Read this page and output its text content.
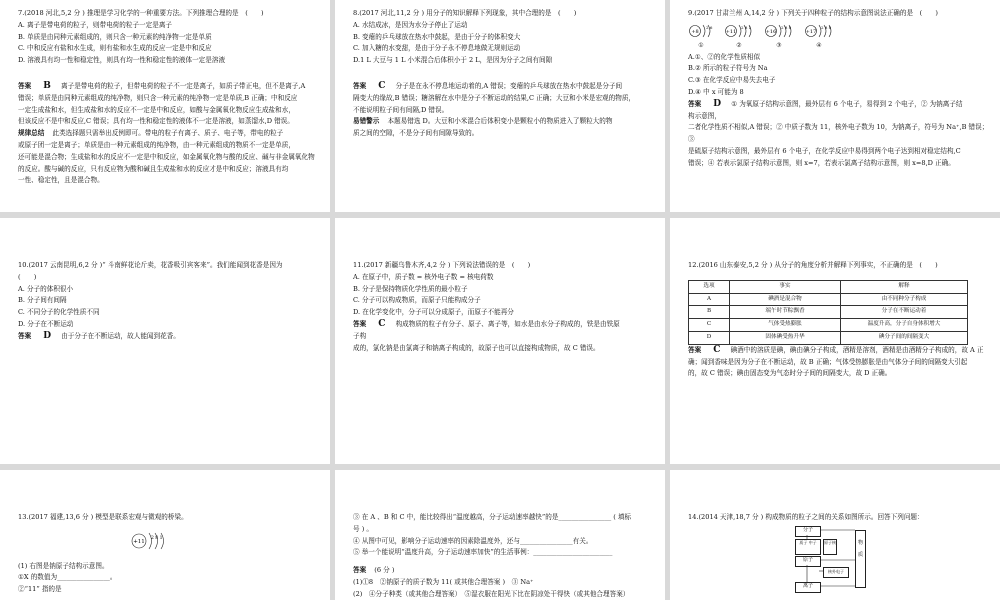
7.(2018 河北,5,2 分 ) 推理是学习化学的一种重要方法。下列推理合理的是　(　　)

A. 离子是带电荷的粒子，则带电荷的粒子一定是离子

B. 单质是由同种元素组成的，则只含一种元素的纯净物一定是单质

C. 中和反应有盐和水生成，则有盐和水生成的反应一定是中和反应

D. 溶液具有均一性和稳定性，则具有均一性和稳定性的液体一定是溶液

答案 B 离子是带电荷的粒子，但带电荷的粒子不一定是离子，如质子带正电，但不是离子,A

错误；单质是由同种元素组成的纯净物，则只含一种元素的纯净物一定是单质,B 正确；中和反应

一定生成盐和水，但生成盐和水的反应不一定是中和反应，如酸与金属氧化物反应生成盐和水，

但该反应不是中和反应,C 错误；具有均一性和稳定性的液体不一定是溶液，如蒸馏水,D 错误。

规律总结 此类选择题只需举出反例即可。带电的粒子有离子、质子、电子等，带电的粒子

或原子团一定是离子；单质是由一种元素组成的纯净物，由一种元素组成的物质不一定是单质，

还可能是混合物；生成盐和水的反应不一定是中和反应，如金属氧化物与酸的反应、碱与非金属氧化物

的反应。酸与碱的反应，只有反应物为酸和碱且生成盐和水的反应才是中和反应；溶液具有均

一性、稳定性，且是混合物。

8.(2017 河北,11,2 分 ) 用分子的知识解释下列现象，其中合理的是　(　　)

A. 水结成冰，是因为水分子停止了运动

B. 变瘪的乒乓球放在热水中鼓起，是由于分子的体积变大

C. 加入糖的水变甜，是由于分子永不停息地做无规则运动

D.1 L 大豆与 1 L 小米混合后体积小于 2 L，是因为分子之间有间隙

答案 C 分子是在永不停息地运动着的,A 错误；变瘪的乒乓球放在热水中鼓起是分子间

隔变大的缘故,B 错误；糖溶解在水中是分子不断运动的结果,C 正确；大豆和小米是宏观的物质，

不能说明粒子间有间隔,D 错误。

易错警示 本题易错选 D。大豆和小米混合后体积变小是颗粒小的物质进入了颗粒大的物

质之间的空隙，不是分子间有间隙导致的。

9.(2017 甘肃兰州 A,14,2 分 ) 下列关于四种粒子的结构示意图说法正确的是　(　　)

+8
2 6
①
+11
2 8 1
②
+16
2 8 8
③
+17
2 8 8
④

A.①、②的化学性质相似

B.② 所示的粒子符号为 Na

C.③ 在化学反应中易失去电子

D.④ 中 x 可能为 8

答案 D ① 为氧原子结构示意图，最外层有 6 个电子，易得到 2 个电子，② 为钠离子结

构示意图，

二者化学性质不相似,A 错误；② 中质子数为 11，核外电子数为 10，为钠离子，符号为 Na⁺,B 错误；③

是硫原子结构示意图，最外层有 6 个电子，在化学反应中易得到两个电子达到相对稳定结构,C

错误；④ 若表示氯原子结构示意图，则 x=7，若表示氯离子结构示意图，则 x=8,D 正确。

10.(2017 云南昆明,6,2 分 )“ 斗南鲜花论斤卖，花香吸引宾客来”。我们能闻到花香是因为

(　　)

A. 分子的体积很小

B. 分子间有间隔

C. 不同分子的化学性质不同

D. 分子在不断运动

答案 D 由于分子在不断运动，故人能闻到花香。

11.(2017 新疆乌鲁木齐,4,2 分 ) 下列说法错误的是　(　　)

A. 在原子中，质子数 = 核外电子数 = 核电荷数

B. 分子是保持物质化学性质的最小粒子

C. 分子可以构成物质，而原子只能构成分子

D. 在化学变化中，分子可以分成原子，而原子不能再分

答案 C 构成物质的粒子有分子、原子、离子等，如水是由水分子构成的，铁是由铁原

子构

成的，氯化钠是由氯离子和钠离子构成的，故原子也可以直接构成物质，故 C 错误。

12.(2016 山东泰安,5,2 分 ) 从分子的角度分析并解释下列事实，不正确的是　(　　)

选项	事实	解释
A	碘酒是混合物	由不同种分子构成
B	端午时节粽飘香	分子在不断运动着
C	气体受热膨胀	温度升高，分子自身体积增大
D	固体碘受热升华	碘分子间的间隔变大

答案 C 碘酒中的溶质是碘，碘由碘分子构成，酒精是溶剂，酒精是由酒精分子构成的，故 A 正

确；闻到香味是因为分子在不断运动，故 B 正确；气体受热膨胀是由气体分子间的间隔变大引起

的，故 C 错误；碘由固态变为气态时分子间的间隔变大，故 D 正确。

13.(2017 福建,13,6 分 ) 模型是联系宏观与微观的桥梁。

+11
2 8 1

(1) 右图是钠原子结构示意图。

①X 的数值为________________。

②“11” 指的是

③ 在 A 、B 和 C 中，能比较得出“温度越高，分子运动速率越快”的是________________ ( 填标

号 ) 。

④ 从图中可见，影响分子运动速率的因素除温度外，还与________________有关。

⑤ 举一个能说明“温度升高，分子运动速率加快”的生活事例：________________________

答案 (6 分 )

(1)①8　②钠原子的质子数为 11( 或其他合理答案 )　③ Na⁺

(2)　④分子种类（或其他合理答案）　⑤湿衣服在阳光下比在阴凉处干得快（或其他合理答案）

14.(2014 天津,18,7 分 ) 构成物质的粒子之间的关系如图所示。回答下列问题：

分子
质子 中子	原子核
原子
核外电子
离子
物 质
